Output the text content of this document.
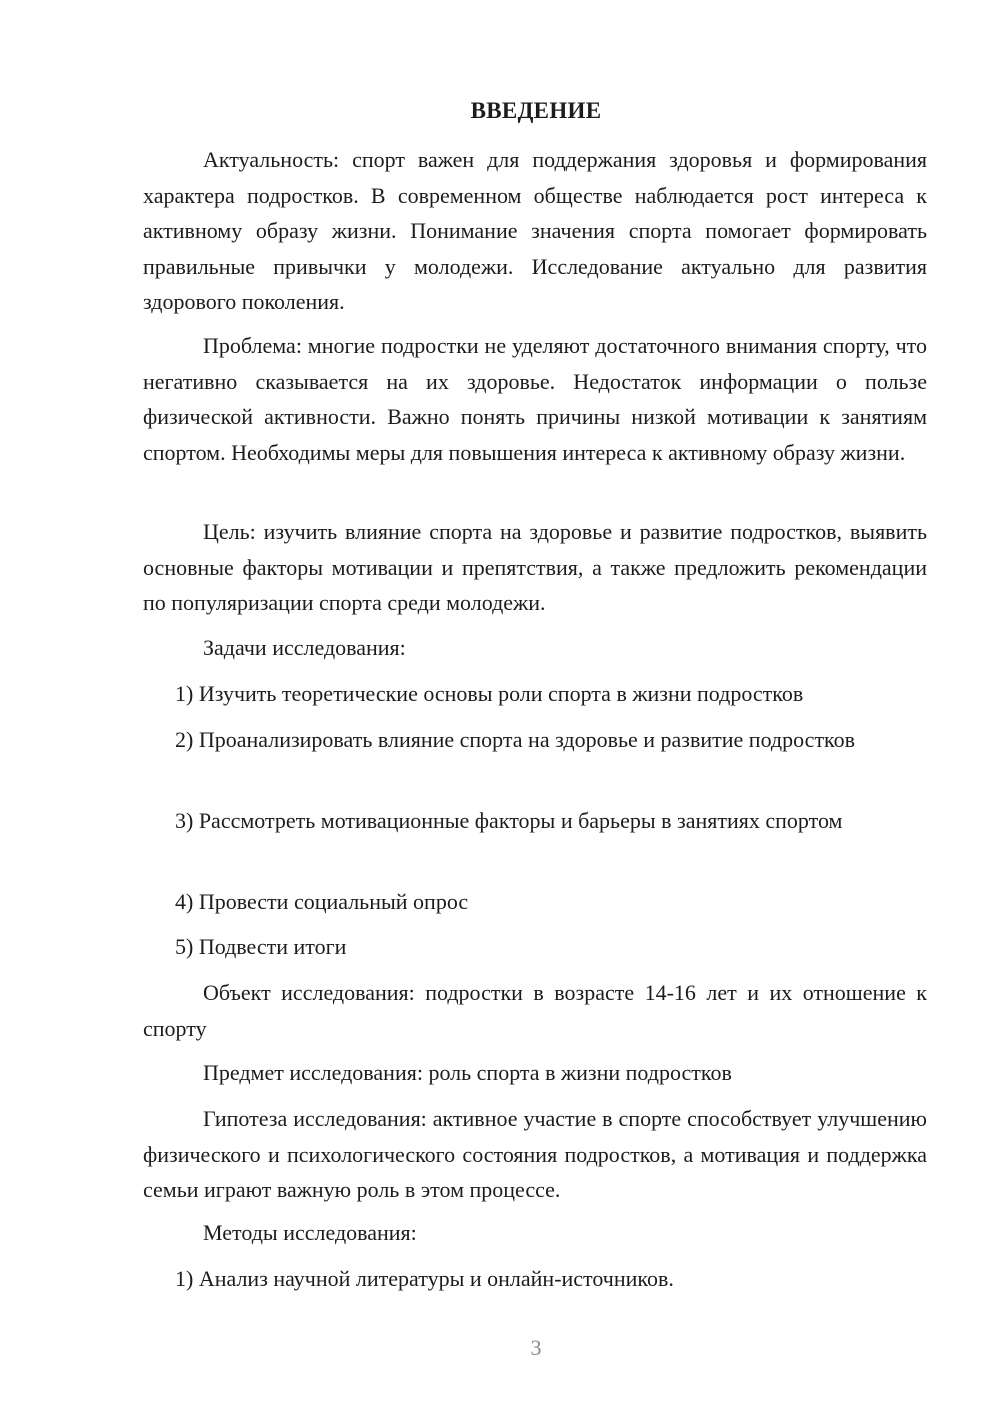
ВВЕДЕНИЕ

Актуальность: спорт важен для поддержания здоровья и формирования характера подростков. В современном обществе наблюдается рост интереса к активному образу жизни. Понимание значения спорта помогает формировать правильные привычки у молодежи. Исследование актуально для развития здорового поколения.

Проблема: многие подростки не уделяют достаточного внимания спорту, что негативно сказывается на их здоровье. Недостаток информации о пользе физической активности. Важно понять причины низкой мотивации к занятиям спортом. Необходимы меры для повышения интереса к активному образу жизни.

Цель: изучить влияние спорта на здоровье и развитие подростков, выявить основные факторы мотивации и препятствия, а также предложить рекомендации по популяризации спорта среди молодежи.

Задачи исследования:

1) Изучить теоретические основы роли спорта в жизни подростков

2) Проанализировать влияние спорта на здоровье и развитие подростков

3) Рассмотреть мотивационные факторы и барьеры в занятиях спортом

4) Провести социальный опрос

5) Подвести итоги

Объект исследования: подростки в возрасте 14-16 лет и их отношение к спорту

Предмет исследования: роль спорта в жизни подростков

Гипотеза исследования: активное участие в спорте способствует улучшению физического и психологического состояния подростков, а мотивация и поддержка семьи играют важную роль в этом процессе.

Методы исследования:

1) Анализ научной литературы и онлайн-источников.

3
